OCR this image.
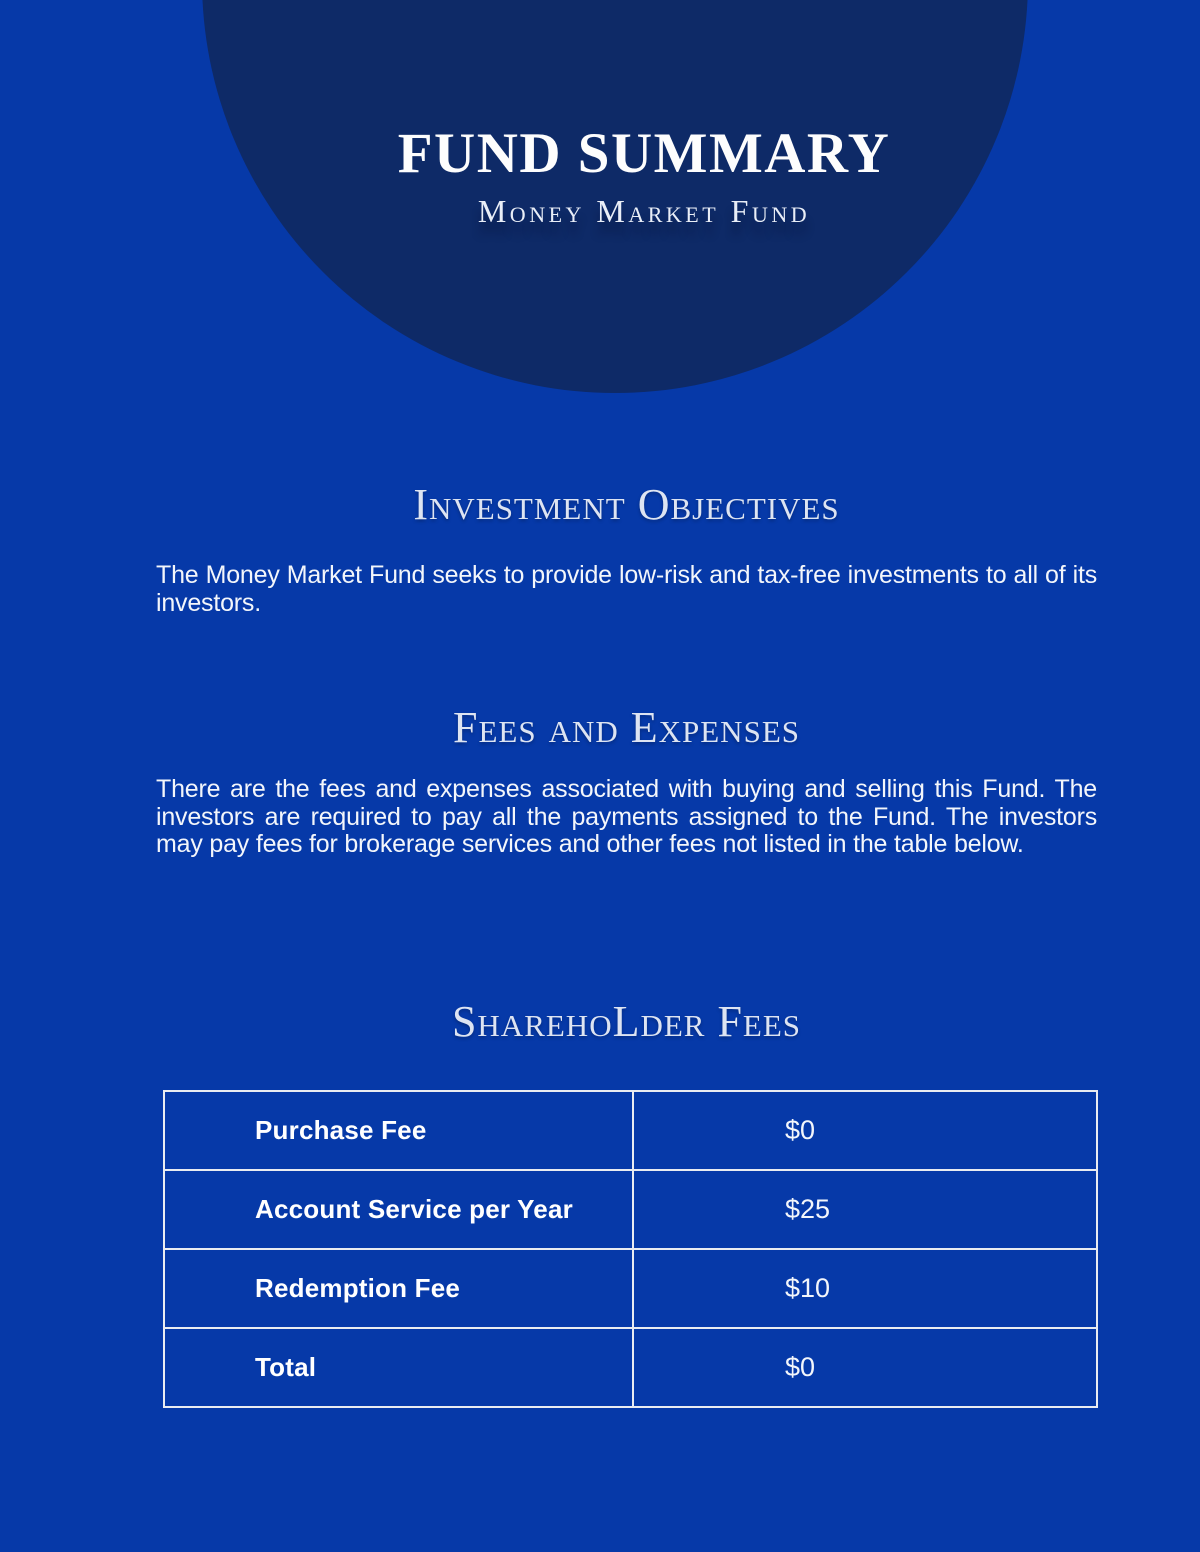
FUND SUMMARY
Money Market Fund
Investment Objectives

The Money Market Fund seeks to provide low-risk and tax-free investments to all of its investors.

Fees and Expenses

There are the fees and expenses associated with buying and selling this Fund. The investors are required to pay all the payments assigned to the Fund. The investors may pay fees for brokerage services and other fees not listed in the table below.

SharehoLder Fees
Purchase Fee	$0
Account Service per Year	$25
Redemption Fee	$10
Total	$0
